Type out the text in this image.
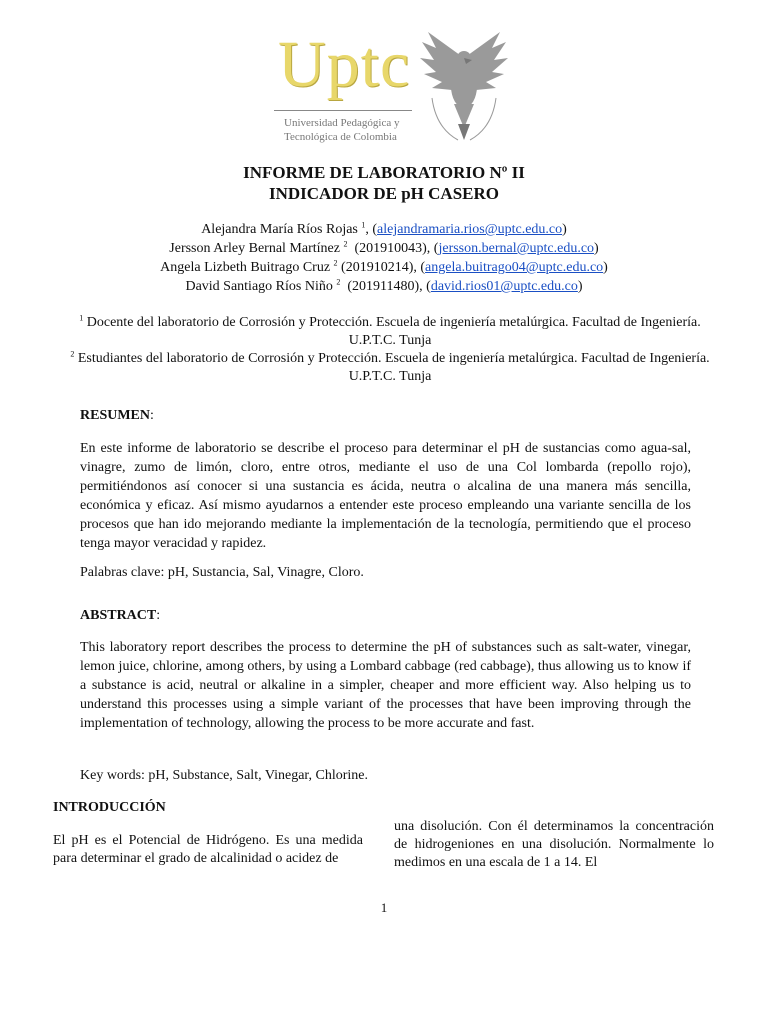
Uptc
Universidad Pedagógica y
Tecnológica de Colombia
INFORME DE LABORATORIO Nº II
INDICADOR DE pH CASERO
Alejandra María Ríos Rojas $^1$, (alejandramaria.rios@uptc.edu.co)
Jersson Arley Bernal Martínez $^2$ (201910043), (jersson.bernal@uptc.edu.co)
Angela Lizbeth Buitrago Cruz $^2$ (201910214), (angela.buitrago04@uptc.edu.co)
David Santiago Ríos Niño $^2$ (201911480), (david.rios01@uptc.edu.co)
$^1$ Docente del laboratorio de Corrosión y Protección. Escuela de ingeniería metalúrgica. Facultad de Ingeniería. U.P.T.C. Tunja
$^2$ Estudiantes del laboratorio de Corrosión y Protección. Escuela de ingeniería metalúrgica. Facultad de Ingeniería. U.P.T.C. Tunja
RESUMEN:
En este informe de laboratorio se describe el proceso para determinar el pH de sustancias como agua-sal, vinagre, zumo de limón, cloro, entre otros, mediante el uso de una Col lombarda (repollo rojo), permitiéndonos así conocer si una sustancia es ácida, neutra o alcalina de una manera más sencilla, económica y eficaz. Así mismo ayudarnos a entender este proceso empleando una variante sencilla de los procesos que han ido mejorando mediante la implementación de la tecnología, permitiendo que el proceso tenga mayor veracidad y rapidez.
Palabras clave: pH, Sustancia, Sal, Vinagre, Cloro.
ABSTRACT:
This laboratory report describes the process to determine the pH of substances such as salt-water, vinegar, lemon juice, chlorine, among others, by using a Lombard cabbage (red cabbage), thus allowing us to know if a substance is acid, neutral or alkaline in a simpler, cheaper and more efficient way. Also helping us to understand this processes using a simple variant of the processes that have been improving through the implementation of technology, allowing the process to be more accurate and fast.
Key words: pH, Substance, Salt, Vinegar, Chlorine.
INTRODUCCIÓN
El pH es el Potencial de Hidrógeno. Es una medida para determinar el grado de alcalinidad o acidez de
una disolución. Con él determinamos la concentración de hidrogeniones en una disolución. Normalmente lo medimos en una escala de 1 a 14. El
1
